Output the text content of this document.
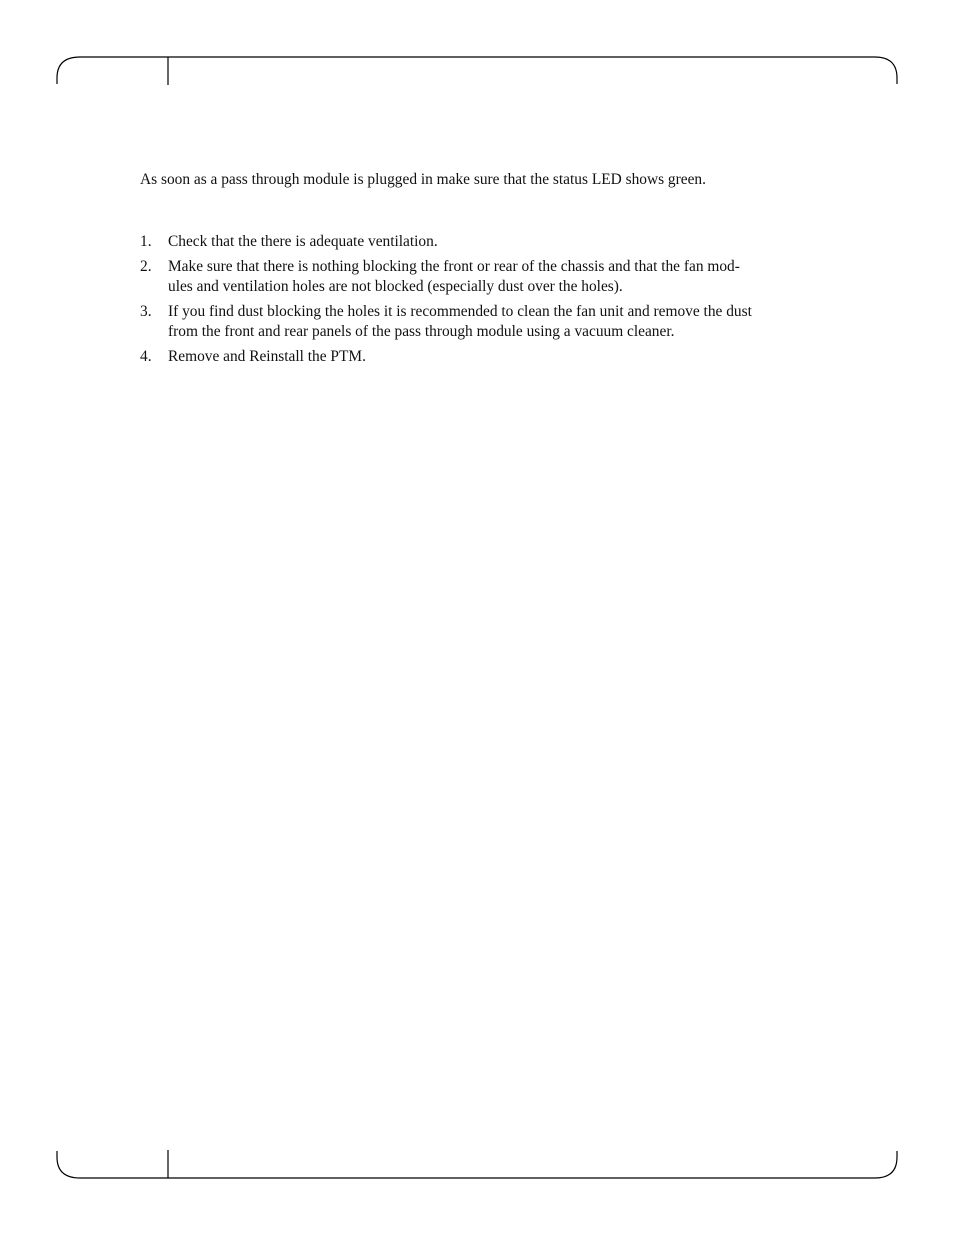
As soon as a pass through module is plugged in make sure that the status LED shows green.

1. Check that the there is adequate ventilation.
2. Make sure that there is nothing blocking the front or rear of the chassis and that the fan mod-
ules and ventilation holes are not blocked (especially dust over the holes).
3. If you find dust blocking the holes it is recommended to clean the fan unit and remove the dust
from the front and rear panels of the pass through module using a vacuum cleaner.
4. Remove and Reinstall the PTM.
